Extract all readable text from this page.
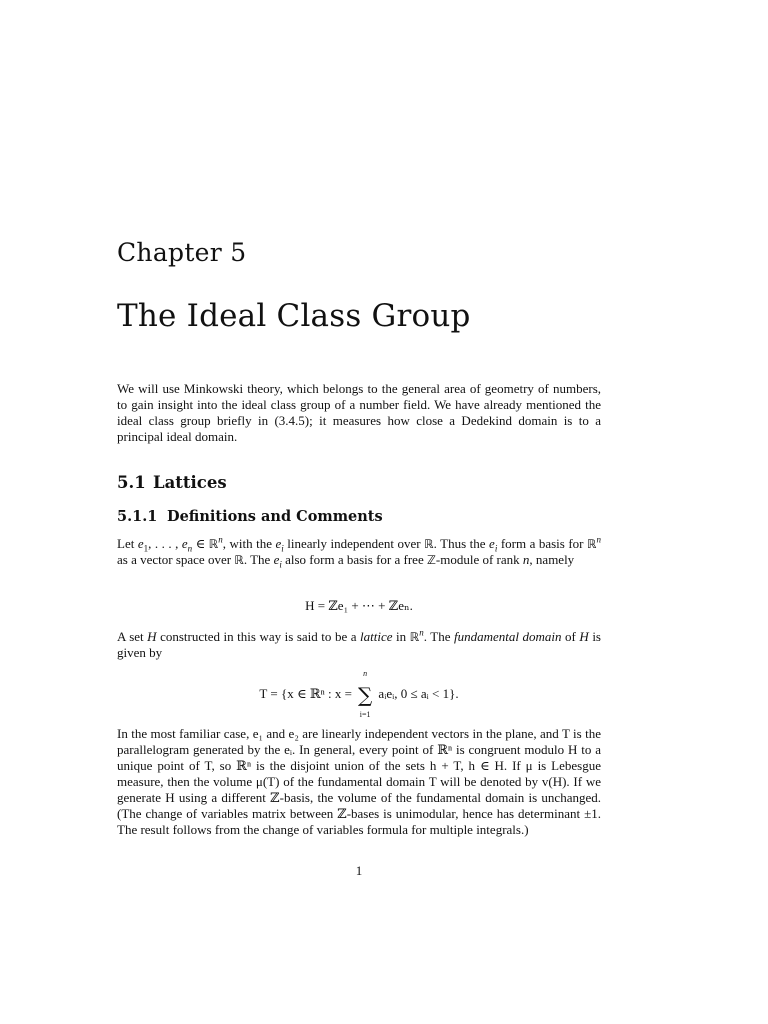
Chapter 5
The Ideal Class Group

We will use Minkowski theory, which belongs to the general area of geometry of numbers, to gain insight into the ideal class group of a number field. We have already mentioned the ideal class group briefly in (3.4.5); it measures how close a Dedekind domain is to a principal ideal domain.

5.1 Lattices
5.1.1 Definitions and Comments

Let $e_1$, . . . , $e_n$ ∈ ℝ$^n$, with the $e_i$ linearly independent over ℝ. Thus the $e_i$ form a basis for ℝ$^n$ as a vector space over ℝ. The $e_i$ also form a basis for a free ℤ-module of rank n, namely

H = ℤe₁ + ⋯ + ℤeₙ.

A set H constructed in this way is said to be a lattice in ℝ$^n$. The fundamental domain of H is given by

T = {x ∈ ℝⁿ : x =
n
∑
i=1
aᵢeᵢ, 0 ≤ aᵢ < 1}.

In the most familiar case, e₁ and e₂ are linearly independent vectors in the plane, and T is the parallelogram generated by the eᵢ. In general, every point of ℝⁿ is congruent modulo H to a unique point of T, so ℝⁿ is the disjoint union of the sets h + T, h ∈ H. If μ is Lebesgue measure, then the volume μ(T) of the fundamental domain T will be denoted by v(H). If we generate H using a different ℤ-basis, the volume of the fundamental domain is unchanged. (The change of variables matrix between ℤ-bases is unimodular, hence has determinant ±1. The result follows from the change of variables formula for multiple integrals.)

1
